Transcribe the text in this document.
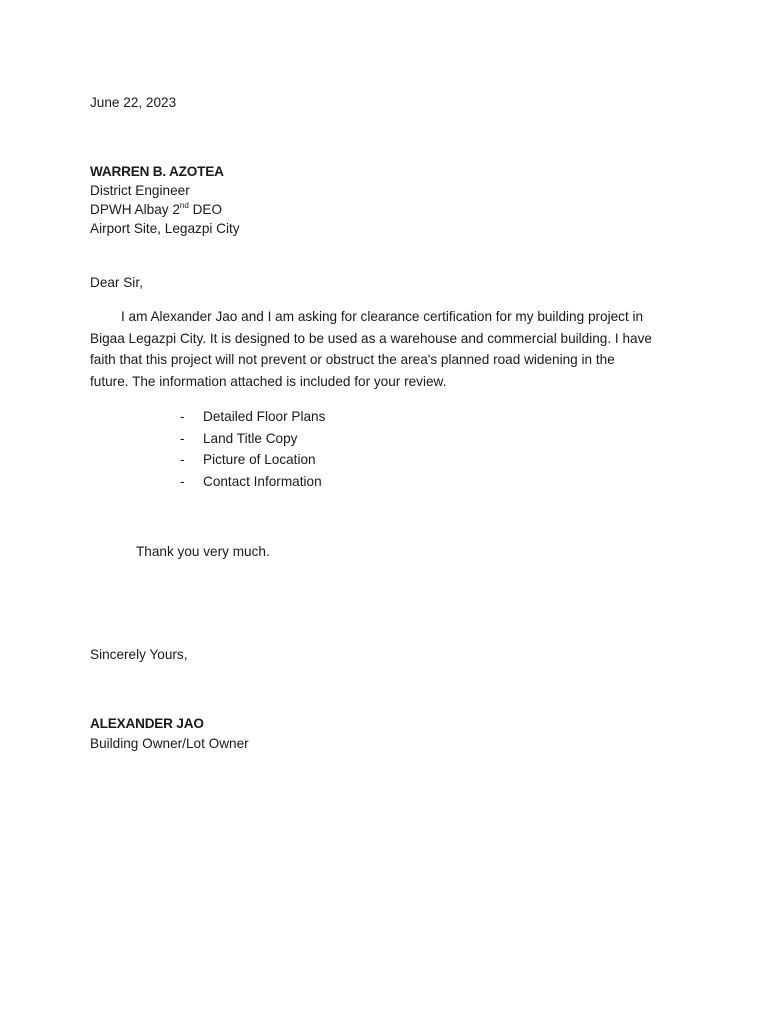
June 22, 2023
WARREN B. AZOTEA
District Engineer
DPWH Albay 2nd DEO
Airport Site, Legazpi City
Dear Sir,

I am Alexander Jao and I am asking for clearance certification for my building project in Bigaa Legazpi City. It is designed to be used as a warehouse and commercial building. I have faith that this project will not prevent or obstruct the area's planned road widening in the future. The information attached is included for your review.

- Detailed Floor Plans
- Land Title Copy
- Picture of Location
- Contact Information
Thank you very much.
Sincerely Yours,
ALEXANDER JAO
Building Owner/Lot Owner
